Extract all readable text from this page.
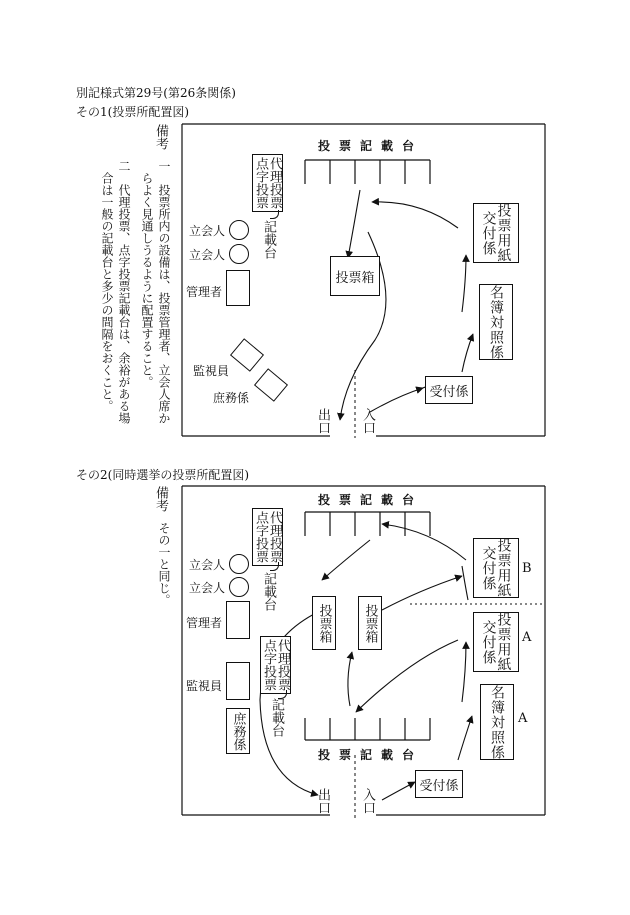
別記様式第29号(第26条関係)
その1(投票所配置図)
その2(同時選挙の投票所配置図)
備考
一　投票所内の設備は、投票管理者、立会人席か
らよく見通しうるように配置すること。
二　代理投票、点字投票記載台は、余裕がある場
合は一般の記載台と多少の間隔をおくこと。
投票記載台
代理投票
点字投票
記載台
立会人
立会人
管理者
監視員
庶務係
投票箱
投票用紙
交付係
名簿対照係
受付係
出口 入口
備考
その一と同じ。
投票記載台
投票記載台
代理投票
点字投票
記載台
代理投票
点字投票
記載台
立会人
立会人
管理者
監視員
庶務係
投票箱 投票箱
投票用紙
交付係 B
投票用紙
交付係 A
名簿対照係 A
受付係
出口 入口
